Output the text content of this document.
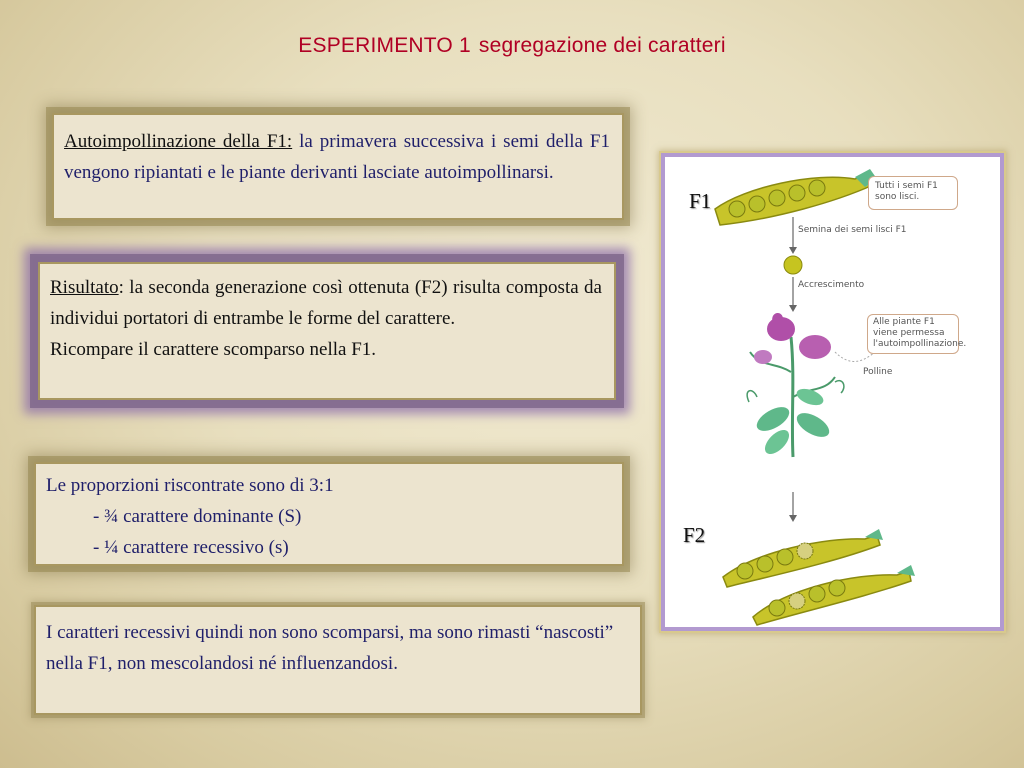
ESPERIMENTO 1 segregazione dei caratteri
Autoimpollinazione della F1: la primavera successiva i semi della F1 vengono ripiantati e le piante derivanti lasciate autoimpollinarsi.
Risultato: la seconda generazione così ottenuta (F2) risulta composta da individui portatori di entrambe le forme del carattere.
Ricompare il carattere scomparso nella F1.
Le proporzioni riscontrate sono di 3:1
- ¾ carattere dominante (S)
- ¼ carattere recessivo (s)
I caratteri recessivi quindi non sono scomparsi, ma sono rimasti “nascosti” nella F1, non mescolandosi né influenzandosi.
F1
F2
Tutti i semi F1
sono lisci.
Semina dei semi lisci F1
Accrescimento
Alle piante F1
viene permessa
l'autoimpollinazione.
Polline
